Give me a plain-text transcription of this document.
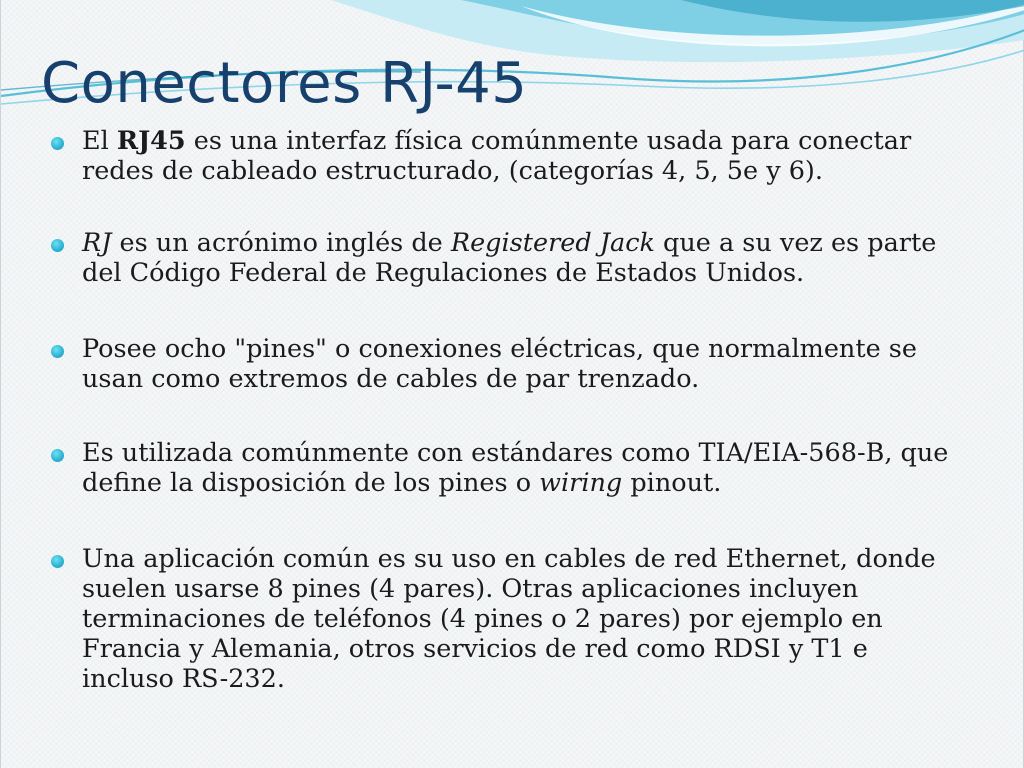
Conectores RJ-45

El RJ45 es una interfaz física comúnmente usada para conectar redes de cableado estructurado, (categorías 4, 5, 5e y 6).

RJ es un acrónimo inglés de Registered Jack que a su vez es parte del Código Federal de Regulaciones de Estados Unidos.

Posee ocho "pines" o conexiones eléctricas, que normalmente se usan como extremos de cables de par trenzado.

Es utilizada comúnmente con estándares como TIA/EIA-568-B, que define la disposición de los pines o wiring pinout.

Una aplicación común es su uso en cables de red Ethernet, donde suelen usarse 8 pines (4 pares). Otras aplicaciones incluyen terminaciones de teléfonos (4 pines o 2 pares) por ejemplo en Francia y Alemania, otros servicios de red como RDSI y T1 e incluso RS-232.
